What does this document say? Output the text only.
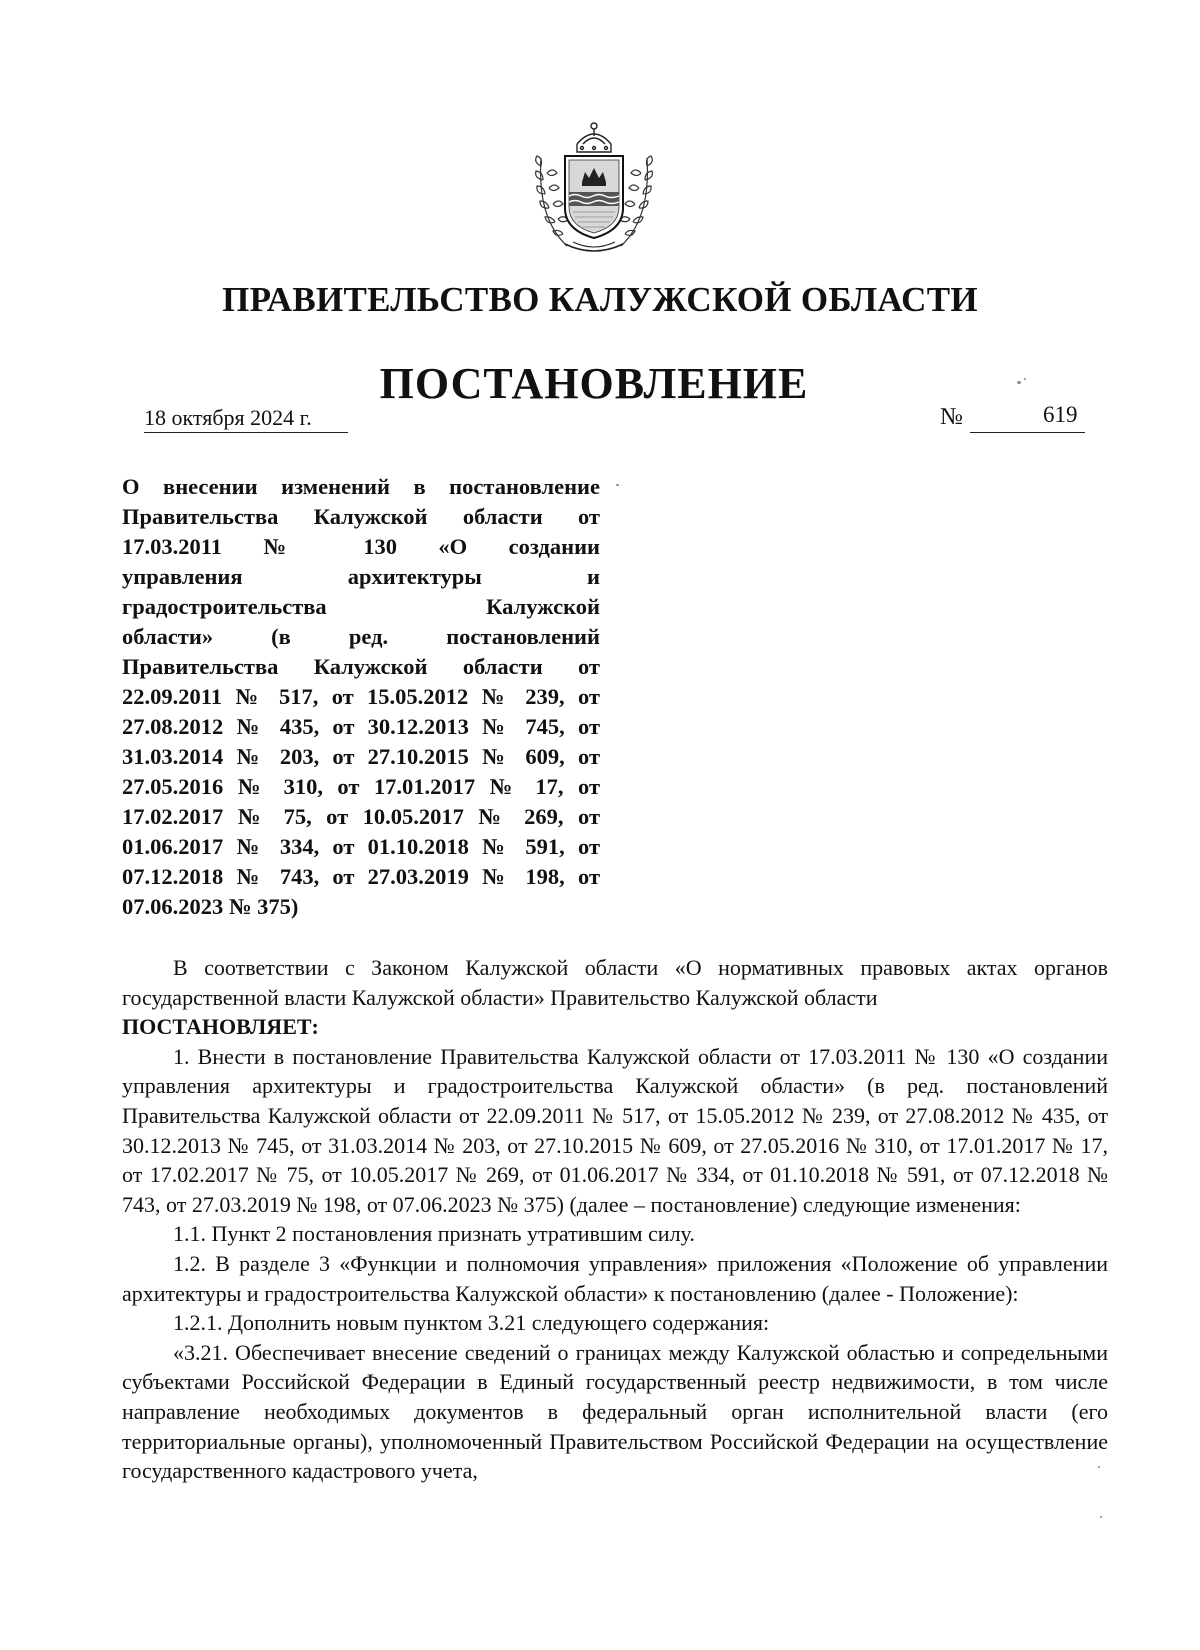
ПРАВИТЕЛЬСТВО КАЛУЖСКОЙ ОБЛАСТИ
ПОСТАНОВЛЕНИЕ
18 октября 2024 г.	№	619
О внесении изменений в постановление
Правительства Калужской области от
17.03.2011 № 130 «О создании
управления архитектуры и
градостроительства Калужской
области» (в ред. постановлений
Правительства Калужской области от
22.09.2011 № 517, от 15.05.2012 № 239, от
27.08.2012 № 435, от 30.12.2013 № 745, от
31.03.2014 № 203, от 27.10.2015 № 609, от
27.05.2016 № 310, от 17.01.2017 № 17, от
17.02.2017 № 75, от 10.05.2017 № 269, от
01.06.2017 № 334, от 01.10.2018 № 591, от
07.12.2018 № 743, от 27.03.2019 № 198, от
07.06.2023 № 375)

В соответствии с Законом Калужской области «О нормативных правовых актах органов государственной власти Калужской области» Правительство Калужской области

ПОСТАНОВЛЯЕТ:

1. Внести в постановление Правительства Калужской области от 17.03.2011 № 130 «О создании управления архитектуры и градостроительства Калужской области» (в ред. постановлений Правительства Калужской области от 22.09.2011 № 517, от 15.05.2012 № 239, от 27.08.2012 № 435, от 30.12.2013 № 745, от 31.03.2014 № 203, от 27.10.2015 № 609, от 27.05.2016 № 310, от 17.01.2017 № 17, от 17.02.2017 № 75, от 10.05.2017 № 269, от 01.06.2017 № 334, от 01.10.2018 № 591, от 07.12.2018 № 743, от 27.03.2019 № 198, от 07.06.2023 № 375) (далее – постановление) следующие изменения:

1.1. Пункт 2 постановления признать утратившим силу.

1.2. В разделе 3 «Функции и полномочия управления» приложения «Положение об управлении архитектуры и градостроительства Калужской области» к постановлению (далее - Положение):

1.2.1. Дополнить новым пунктом 3.21 следующего содержания:

«3.21. Обеспечивает внесение сведений о границах между Калужской областью и сопредельными субъектами Российской Федерации в Единый государственный реестр недвижимости, в том числе направление необходимых документов в федеральный орган исполнительной власти (его территориальные органы), уполномоченный Правительством Российской Федерации на осуществление государственного кадастрового учета,
